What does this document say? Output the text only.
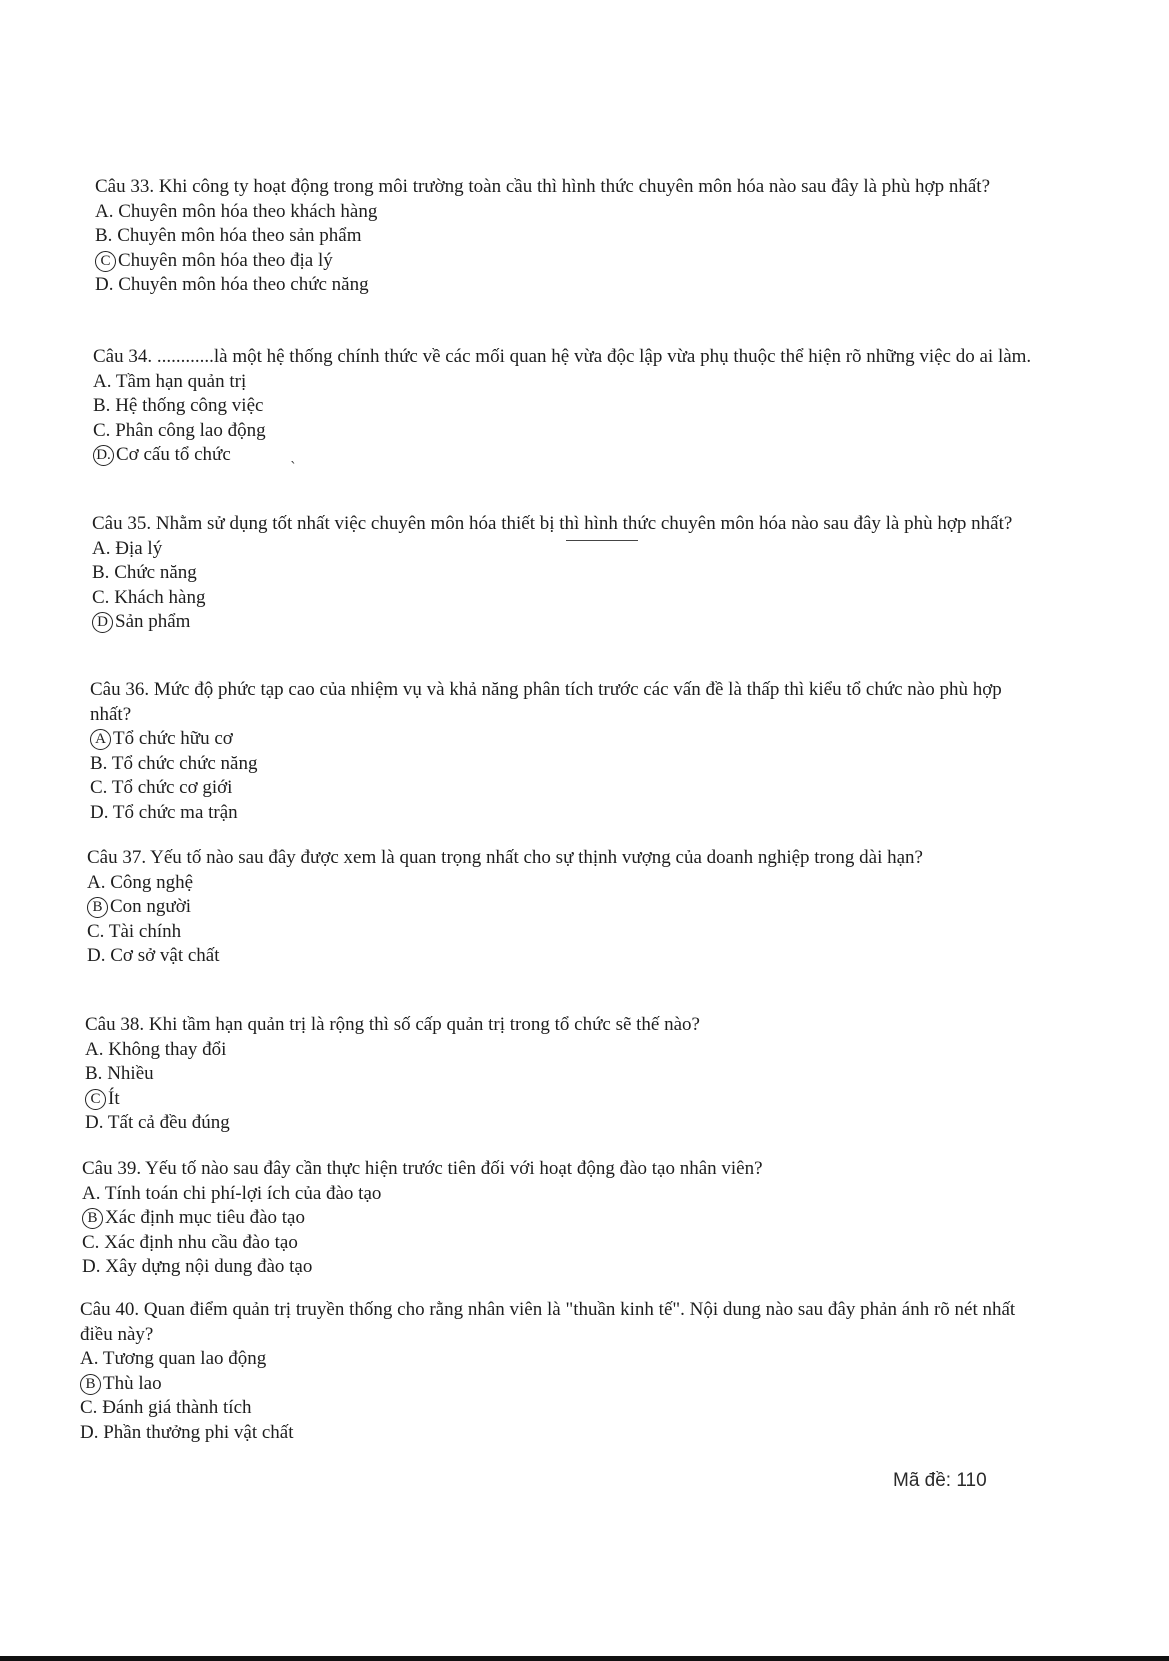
Câu 33. Khi công ty hoạt động trong môi trường toàn cầu thì hình thức chuyên môn hóa nào sau đây là phù hợp nhất?
A. Chuyên môn hóa theo khách hàng
B. Chuyên môn hóa theo sản phẩm
C Chuyên môn hóa theo địa lý
D. Chuyên môn hóa theo chức năng
Câu 34. ............là một hệ thống chính thức về các mối quan hệ vừa độc lập vừa phụ thuộc thể hiện rõ những việc do ai làm.
A. Tầm hạn quản trị
B. Hệ thống công việc
C. Phân công lao động
D. Cơ cấu tổ chức
Câu 35. Nhằm sử dụng tốt nhất việc chuyên môn hóa thiết bị thì hình thức chuyên môn hóa nào sau đây là phù hợp nhất?
A. Địa lý
B. Chức năng
C. Khách hàng
D Sản phẩm
Câu 36. Mức độ phức tạp cao của nhiệm vụ và khả năng phân tích trước các vấn đề là thấp thì kiểu tổ chức nào phù hợp nhất?
A Tổ chức hữu cơ
B. Tổ chức chức năng
C. Tổ chức cơ giới
D. Tổ chức ma trận
Câu 37. Yếu tố nào sau đây được xem là quan trọng nhất cho sự thịnh vượng của doanh nghiệp trong dài hạn?
A. Công nghệ
B Con người
C. Tài chính
D. Cơ sở vật chất
Câu 38. Khi tầm hạn quản trị là rộng thì số cấp quản trị trong tổ chức sẽ thế nào?
A. Không thay đổi
B. Nhiều
C Ít
D. Tất cả đều đúng
Câu 39. Yếu tố nào sau đây cần thực hiện trước tiên đối với hoạt động đào tạo nhân viên?
A. Tính toán chi phí-lợi ích của đào tạo
B Xác định mục tiêu đào tạo
C. Xác định nhu cầu đào tạo
D. Xây dựng nội dung đào tạo
Câu 40. Quan điểm quản trị truyền thống cho rằng nhân viên là "thuần kinh tế". Nội dung nào sau đây phản ánh rõ nét nhất điều này?
A. Tương quan lao động
B Thù lao
C. Đánh giá thành tích
D. Phần thưởng phi vật chất
ˎ
Mã đề: 110
